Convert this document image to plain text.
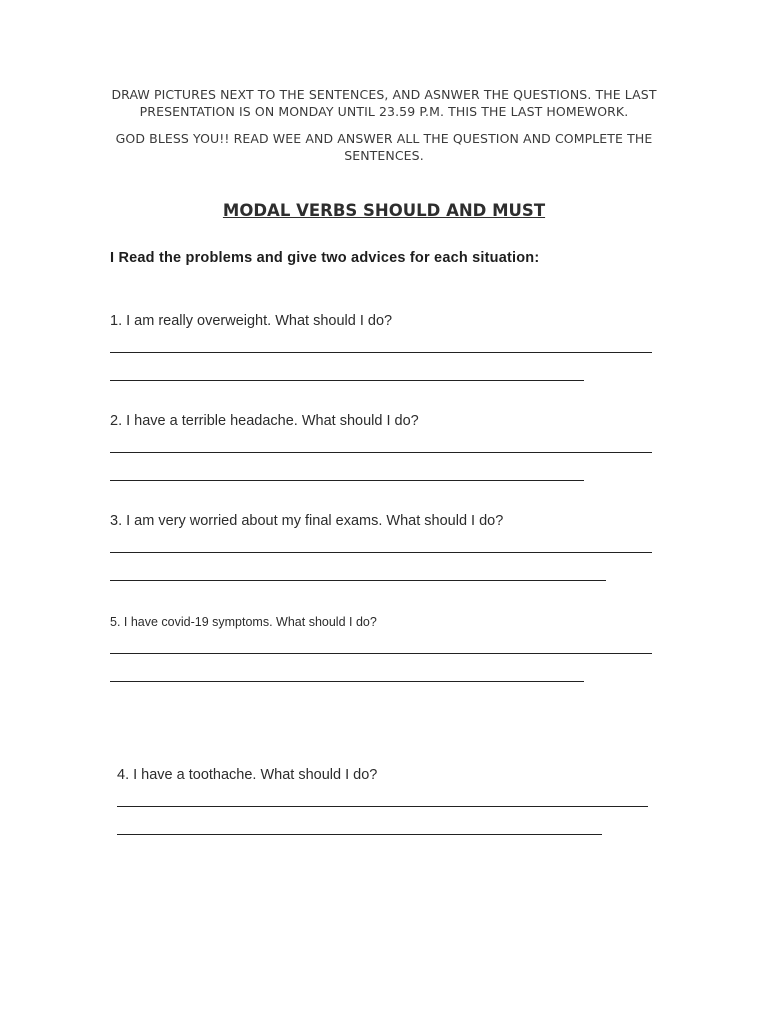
DRAW PICTURES NEXT TO THE SENTENCES, AND ASNWER THE QUESTIONS. THE LAST PRESENTATION IS ON MONDAY UNTIL 23.59 P.M. THIS THE LAST HOMEWORK.
GOD BLESS YOU!! READ WEE AND ANSWER ALL THE QUESTION AND COMPLETE THE SENTENCES.
MODAL VERBS SHOULD AND MUST
I Read the problems and give two advices for each situation:
1. I am really overweight. What should I do?
2. I have a terrible headache. What should I do?
3. I am very worried about my final exams. What should I do?
5. I have covid-19 symptoms. What should I do?
4. I have a toothache. What should I do?
